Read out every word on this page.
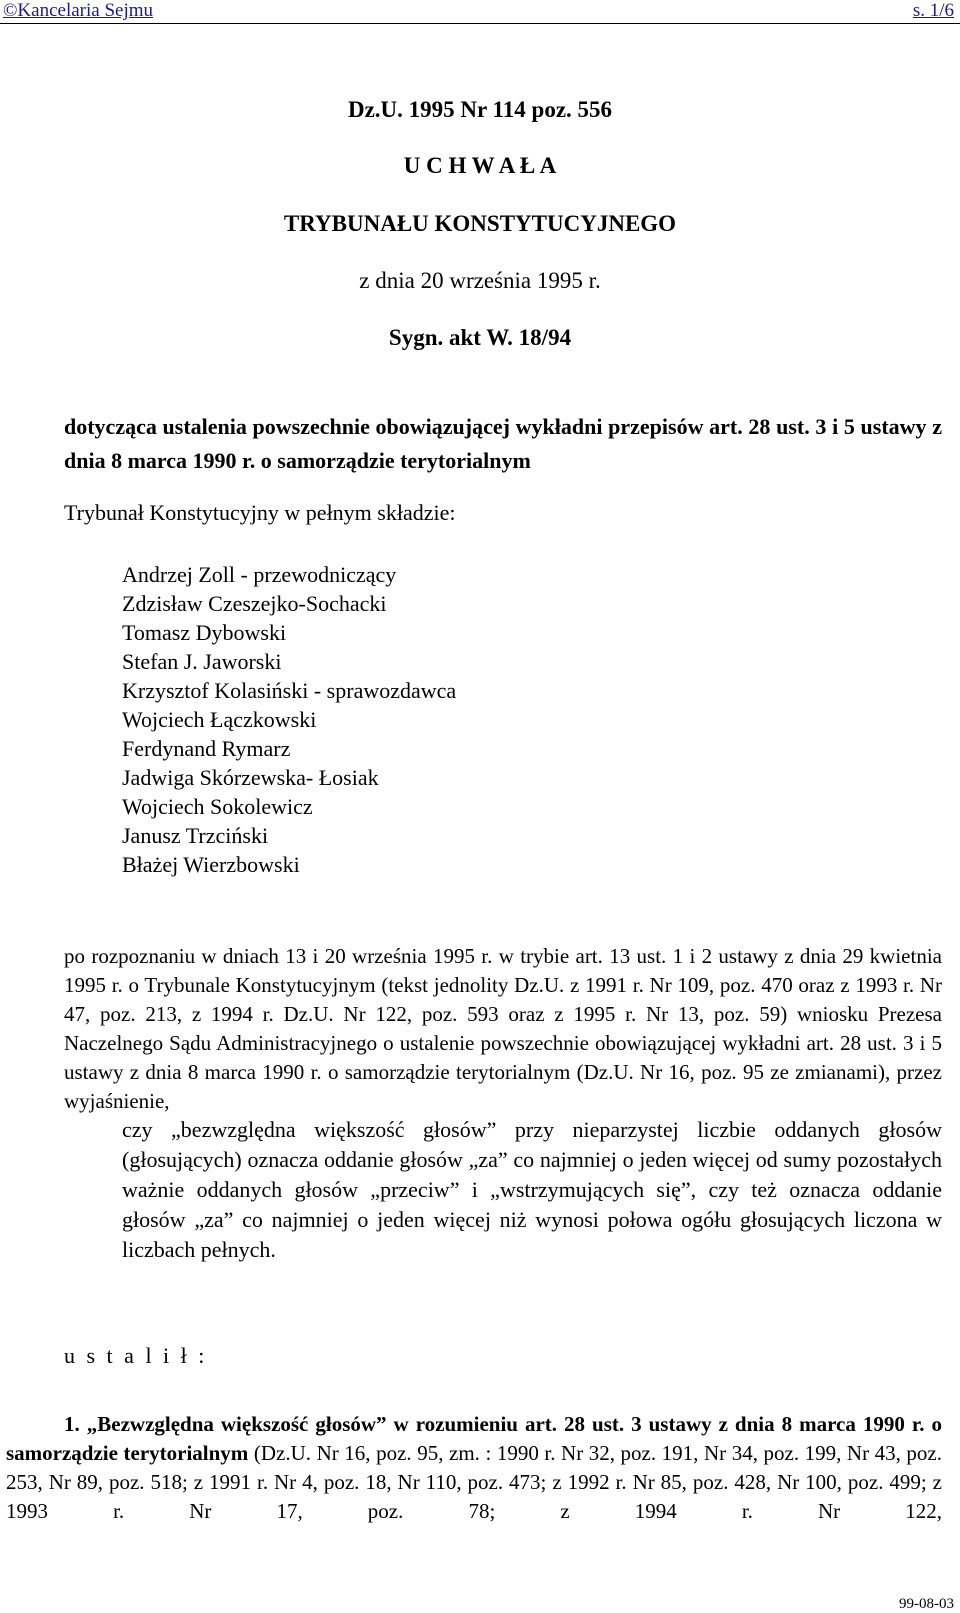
©Kancelaria Sejmu	s. 1/6
Dz.U. 1995 Nr 114 poz. 556
U C H W A Ł A
TRYBUNAŁU KONSTYTUCYJNEGO
z dnia 20 września 1995 r.
Sygn. akt W. 18/94
dotycząca ustalenia powszechnie obowiązującej wykładni przepisów art. 28 ust. 3 i 5 ustawy z dnia 8 marca 1990 r. o samorządzie terytorialnym
Trybunał Konstytucyjny w pełnym składzie:
Andrzej Zoll - przewodniczący
Zdzisław Czeszejko-Sochacki
Tomasz Dybowski
Stefan J. Jaworski
Krzysztof Kolasiński - sprawozdawca
Wojciech Łączkowski
Ferdynand Rymarz
Jadwiga Skórzewska- Łosiak
Wojciech Sokolewicz
Janusz Trzciński
Błażej Wierzbowski
po rozpoznaniu w dniach 13 i 20 września 1995 r. w trybie art. 13 ust. 1 i 2 ustawy z dnia 29 kwietnia 1995 r. o Trybunale Konstytucyjnym (tekst jednolity Dz.U. z 1991 r. Nr 109, poz. 470 oraz z 1993 r. Nr 47, poz. 213, z 1994 r. Dz.U. Nr 122, poz. 593 oraz z 1995 r. Nr 13, poz. 59) wniosku Prezesa Naczelnego Sądu Administracyjnego o ustalenie powszechnie obowiązującej wykładni art. 28 ust. 3 i 5 ustawy z dnia 8 marca 1990 r. o samorządzie terytorialnym (Dz.U. Nr 16, poz. 95 ze zmianami), przez wyjaśnienie,
czy „bezwzględna większość głosów” przy nieparzystej liczbie oddanych głosów (głosujących) oznacza oddanie głosów „za” co najmniej o jeden więcej od sumy pozostałych ważnie oddanych głosów „przeciw” i „wstrzymujących się”, czy też oznacza oddanie głosów „za” co najmniej o jeden więcej niż wynosi połowa ogółu głosujących liczona w liczbach pełnych.
u s t a l i ł :
1. „Bezwzględna większość głosów” w rozumieniu art. 28 ust. 3 ustawy z dnia 8 marca 1990 r. o samorządzie terytorialnym (Dz.U. Nr 16, poz. 95, zm. : 1990 r. Nr 32, poz. 191, Nr 34, poz. 199, Nr 43, poz. 253, Nr 89, poz. 518; z 1991 r. Nr 4, poz. 18, Nr 110, poz. 473; z 1992 r. Nr 85, poz. 428, Nr 100, poz. 499; z 1993 r. Nr 17, poz. 78; z 1994 r. Nr 122,
99-08-03
